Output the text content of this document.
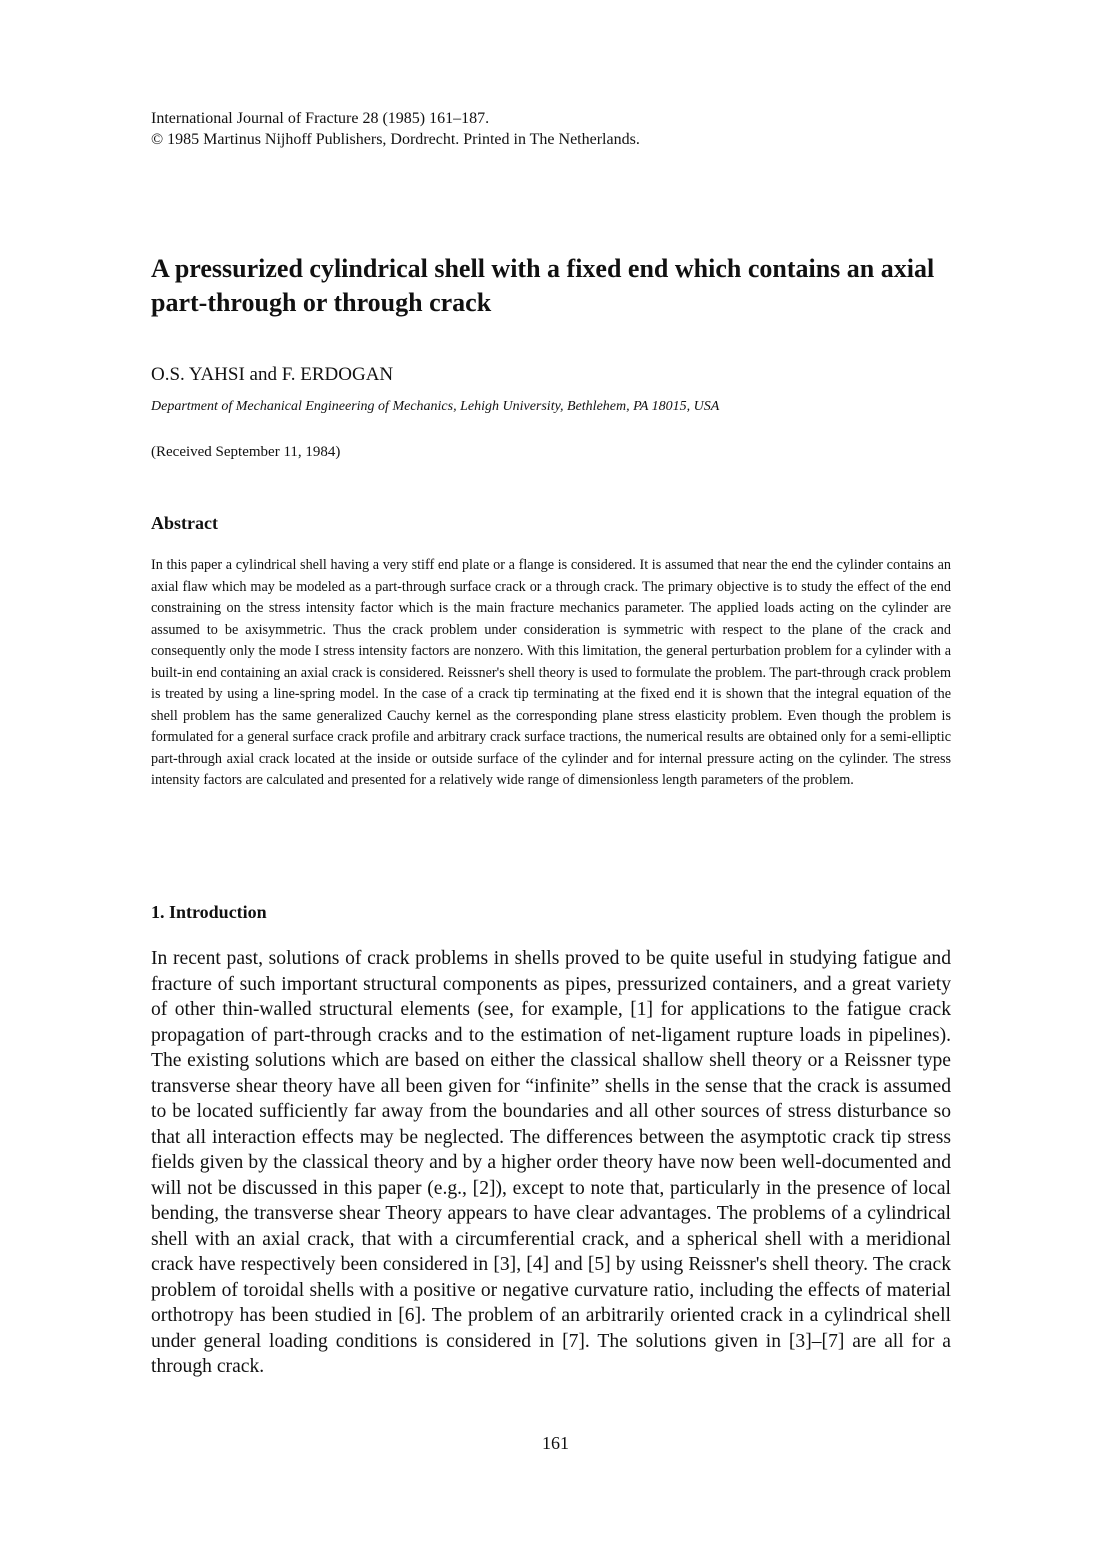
International Journal of Fracture 28 (1985) 161–187.
© 1985 Martinus Nijhoff Publishers, Dordrecht. Printed in The Netherlands.
A pressurized cylindrical shell with a fixed end which contains an axial part-through or through crack
O.S. YAHSI and F. ERDOGAN
Department of Mechanical Engineering of Mechanics, Lehigh University, Bethlehem, PA 18015, USA
(Received September 11, 1984)
Abstract

In this paper a cylindrical shell having a very stiff end plate or a flange is considered. It is assumed that near the end the cylinder contains an axial flaw which may be modeled as a part-through surface crack or a through crack. The primary objective is to study the effect of the end constraining on the stress intensity factor which is the main fracture mechanics parameter. The applied loads acting on the cylinder are assumed to be axisymmetric. Thus the crack problem under consideration is symmetric with respect to the plane of the crack and consequently only the mode I stress intensity factors are nonzero. With this limitation, the general perturbation problem for a cylinder with a built-in end containing an axial crack is considered. Reissner's shell theory is used to formulate the problem. The part-through crack problem is treated by using a line-spring model. In the case of a crack tip terminating at the fixed end it is shown that the integral equation of the shell problem has the same generalized Cauchy kernel as the corresponding plane stress elasticity problem. Even though the problem is formulated for a general surface crack profile and arbitrary crack surface tractions, the numerical results are obtained only for a semi-elliptic part-through axial crack located at the inside or outside surface of the cylinder and for internal pressure acting on the cylinder. The stress intensity factors are calculated and presented for a relatively wide range of dimensionless length parameters of the problem.

1. Introduction

In recent past, solutions of crack problems in shells proved to be quite useful in studying fatigue and fracture of such important structural components as pipes, pressurized containers, and a great variety of other thin-walled structural elements (see, for example, [1] for applications to the fatigue crack propagation of part-through cracks and to the estimation of net-ligament rupture loads in pipelines). The existing solutions which are based on either the classical shallow shell theory or a Reissner type transverse shear theory have all been given for “infinite” shells in the sense that the crack is assumed to be located sufficiently far away from the boundaries and all other sources of stress disturbance so that all interaction effects may be neglected. The differences between the asymptotic crack tip stress fields given by the classical theory and by a higher order theory have now been well-documented and will not be discussed in this paper (e.g., [2]), except to note that, particularly in the presence of local bending, the transverse shear Theory appears to have clear advantages. The problems of a cylindrical shell with an axial crack, that with a circumferential crack, and a spherical shell with a meridional crack have respectively been considered in [3], [4] and [5] by using Reissner's shell theory. The crack problem of toroidal shells with a positive or negative curvature ratio, including the effects of material orthotropy has been studied in [6]. The problem of an arbitrarily oriented crack in a cylindrical shell under general loading conditions is considered in [7]. The solutions given in [3]–[7] are all for a through crack.

161
